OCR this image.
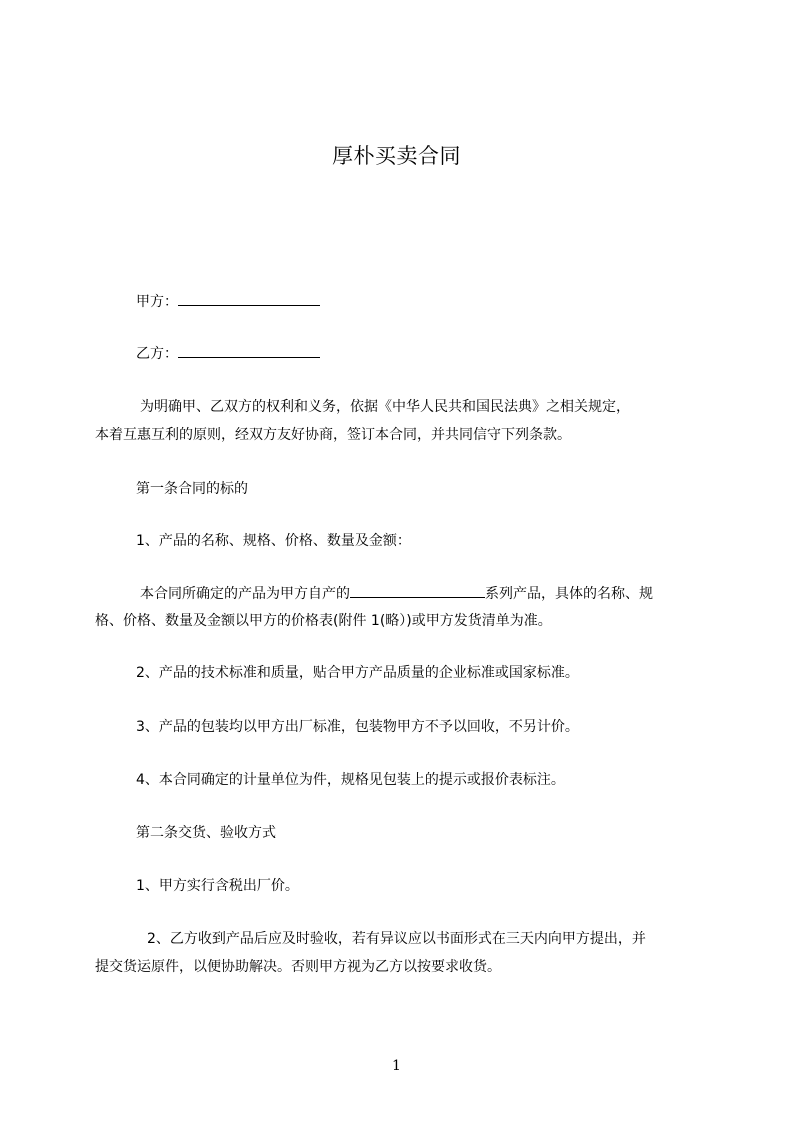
厚朴买卖合同
甲方：
乙方：
为明确甲、乙双方的权利和义务，依据《中华人民共和国民法典》之相关规定，
本着互惠互利的原则，经双方友好协商，签订本合同，并共同信守下列条款。
第一条合同的标的
1、产品的名称、规格、价格、数量及金额：
本合同所确定的产品为甲方自产的	系列产品，具体的名称、规
格、价格、数量及金额以甲方的价格表(附件 1(略）)或甲方发货清单为准。
2、产品的技术标准和质量，贴合甲方产品质量的企业标准或国家标准。
3、产品的包装均以甲方出厂标准，包装物甲方不予以回收，不另计价。
4、本合同确定的计量单位为件，规格见包装上的提示或报价表标注。
第二条交货、验收方式
1、甲方实行含税出厂价。
2、乙方收到产品后应及时验收，若有异议应以书面形式在三天内向甲方提出，并
提交货运原件，以便协助解决。否则甲方视为乙方以按要求收货。
1
